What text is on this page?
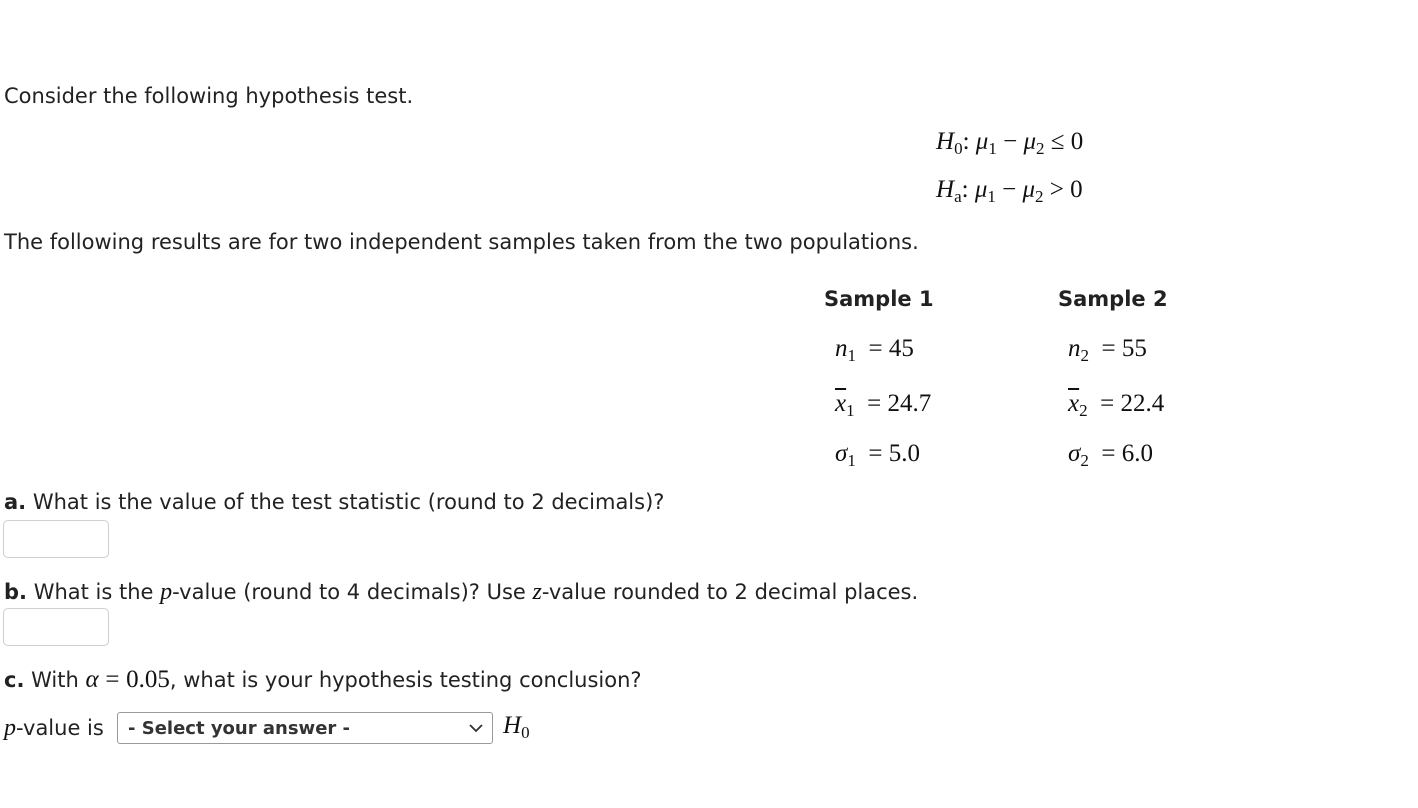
Consider the following hypothesis test.
$H_0$: $\mu_1 - \mu_2 \le 0$
$H_a$: $\mu_1 - \mu_2 > 0$
The following results are for two independent samples taken from the two populations.
Sample 1
$n_1 = 45$
$\overline{x}_1 = 24.7$
$\sigma_1 = 5.0$
Sample 2
$n_2 = 55$
$\overline{x}_2 = 22.4$
$\sigma_2 = 6.0$
a. What is the value of the test statistic (round to 2 decimals)?
b. What is the p-value (round to 4 decimals)? Use z-value rounded to 2 decimal places.
c. With α = 0.05, what is your hypothesis testing conclusion?
p-value is - Select your answer -	$H_0$
